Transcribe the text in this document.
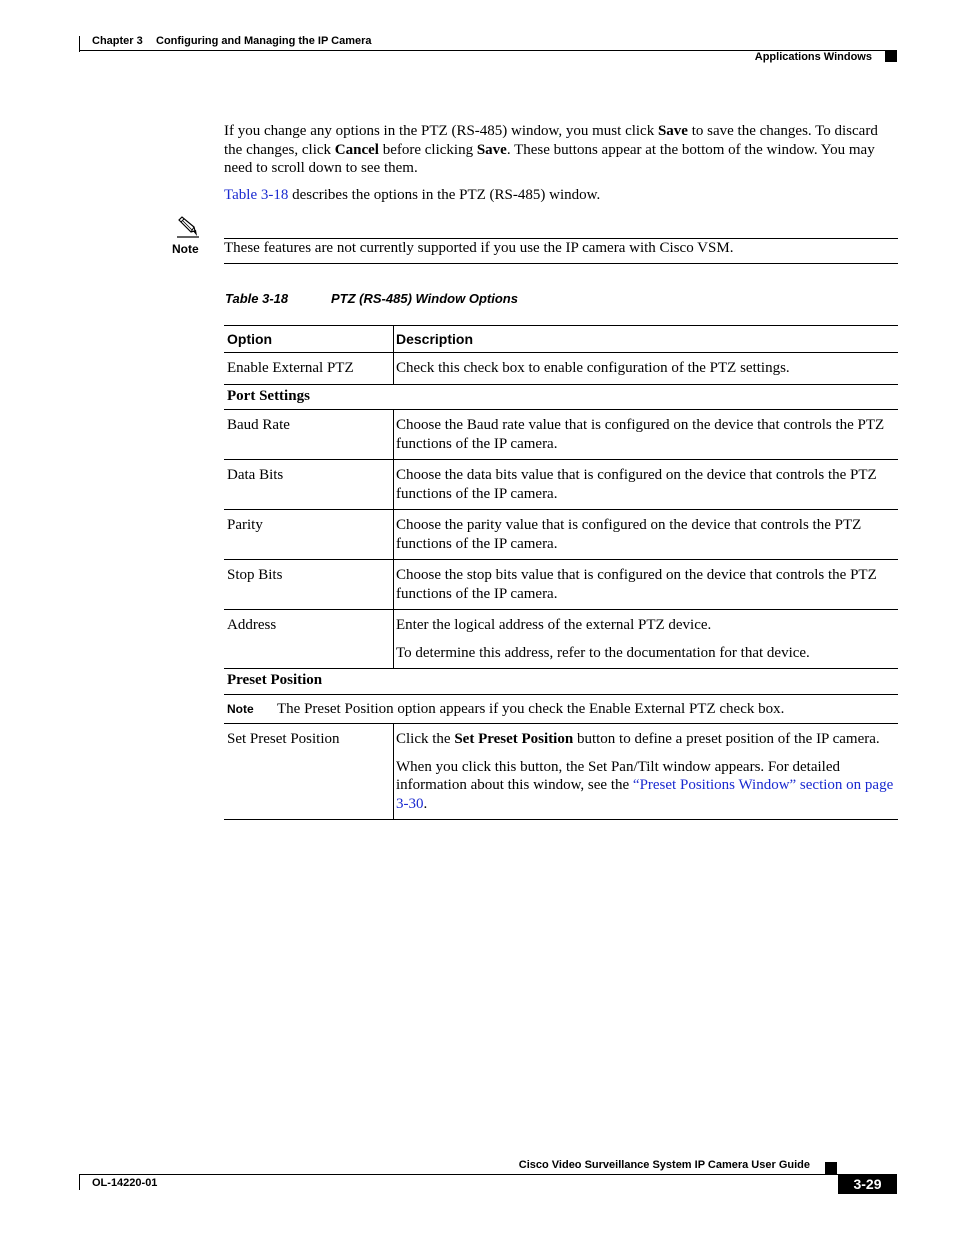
Chapter 3 Configuring and Managing the IP Camera
Applications Windows
If you change any options in the PTZ (RS-485) window, you must click Save to save the changes. To discard the changes, click Cancel before clicking Save. These buttons appear at the bottom of the window. You may need to scroll down to see them.
Table 3-18 describes the options in the PTZ (RS-485) window.
Note These features are not currently supported if you use the IP camera with Cisco VSM.
Table 3-18	PTZ (RS-485) Window Options
Option	Description
Enable External PTZ	Check this check box to enable configuration of the PTZ settings.
Port Settings	
Baud Rate	Choose the Baud rate value that is configured on the device that controls the PTZ functions of the IP camera.
Data Bits	Choose the data bits value that is configured on the device that controls the PTZ functions of the IP camera.
Parity	Choose the parity value that is configured on the device that controls the PTZ functions of the IP camera.
Stop Bits	Choose the stop bits value that is configured on the device that controls the PTZ functions of the IP camera.
Address	Enter the logical address of the external PTZ device.

To determine this address, refer to the documentation for that device.

Preset Position	
Note The Preset Position option appears if you check the Enable External PTZ check box.	
Set Preset Position	Click the Set Preset Position button to define a preset position of the IP camera.

When you click this button, the Set Pan/Tilt window appears. For detailed information about this window, see the “Preset Positions Window” section on page 3-30.

Cisco Video Surveillance System IP Camera User Guide
OL-14220-01	3-29
